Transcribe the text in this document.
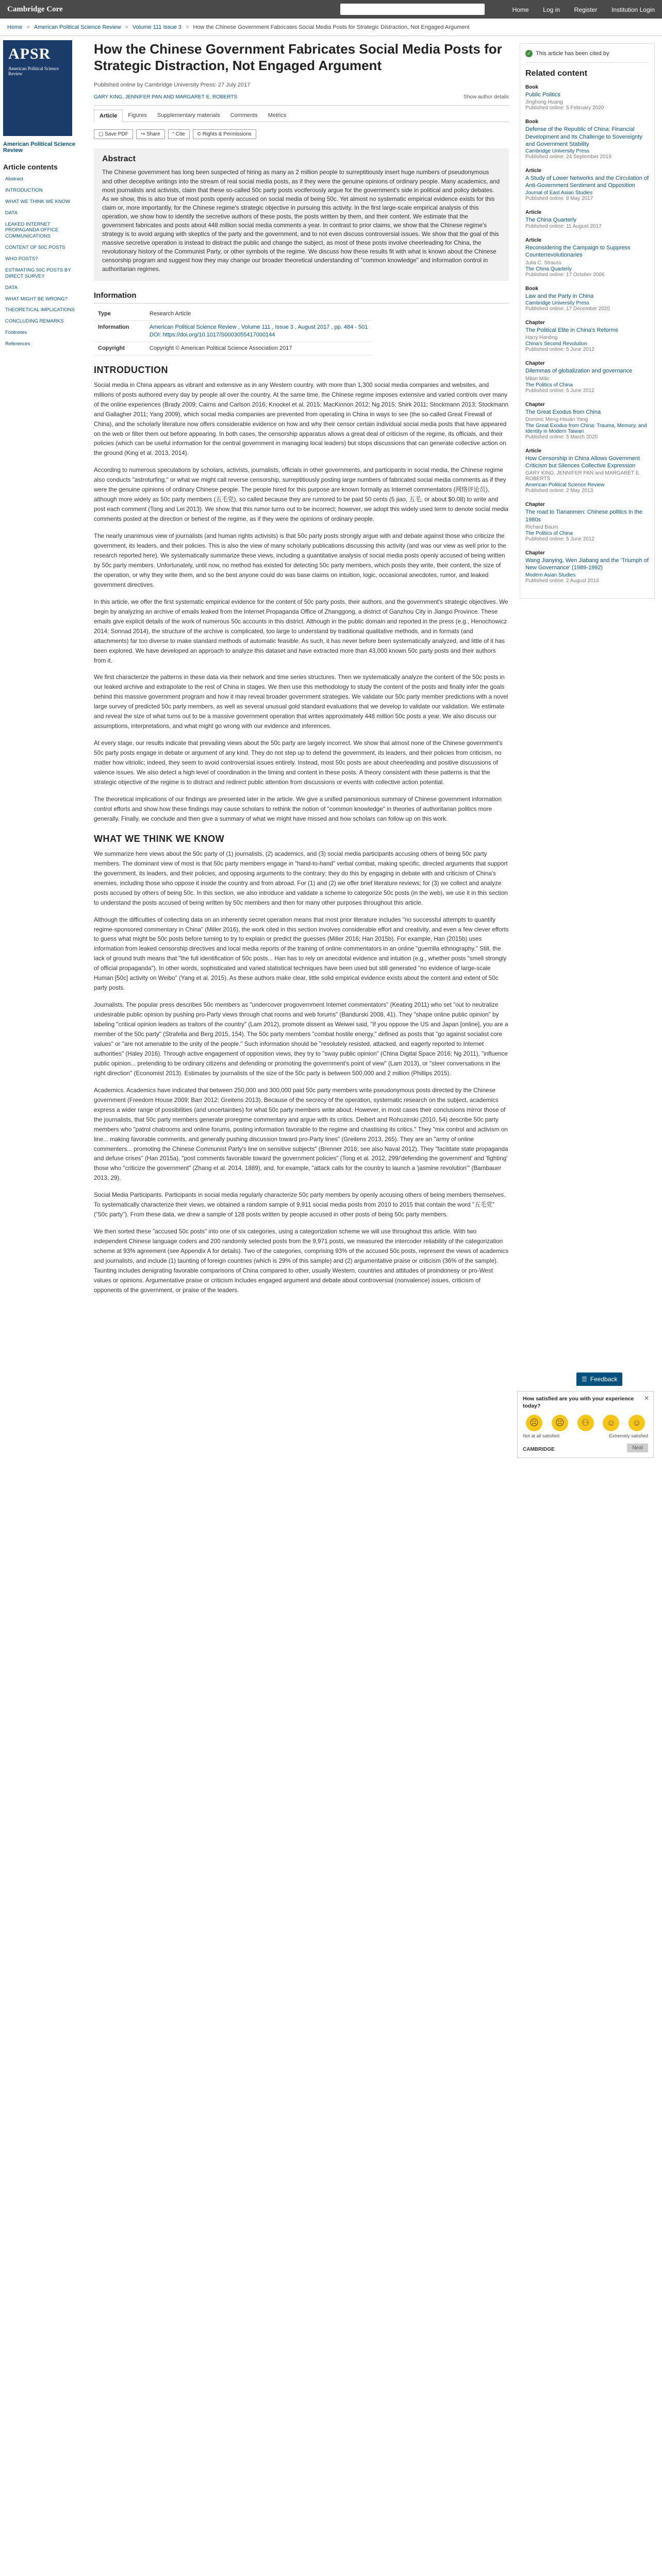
Cambridge Core	Home Log in Register Institution Login
Home > American Political Science Review > Volume 111 Issue 3 > How the Chinese Government Fabricates Social Media Posts for Strategic Distraction, Not Engaged Argument
APSR
American Political Science Review
American Political Science Review
Article contents
Abstract
INTRODUCTION
WHAT WE THINK WE KNOW
DATA
LEAKED INTERNET PROPAGANDA OFFICE COMMUNICATIONS
CONTENT OF 50C POSTS
WHO POSTS?
ESTIMATING 50C POSTS BY DIRECT SURVEY
DATA
WHAT MIGHT BE WRONG?
THEORETICAL IMPLICATIONS
CONCLUDING REMARKS
Footnotes
References
How the Chinese Government Fabricates Social Media Posts for Strategic Distraction, Not Engaged Argument
Published online by Cambridge University Press: 27 July 2017
GARY KING, JENNIFER PAN AND MARGARET E. ROBERTS	Show author details
Article	Figures	Supplementary materials	Comments	Metrics
▢ Save PDF	↪ Share	“ Cite	© Rights & Permissions
Abstract

The Chinese government has long been suspected of hiring as many as 2 million people to surreptitiously insert huge numbers of pseudonymous and other deceptive writings into the stream of real social media posts, as if they were the genuine opinions of ordinary people. Many academics, and most journalists and activists, claim that these so-called 50c party posts vociferously argue for the government's side in political and policy debates. As we show, this is also true of most posts openly accused on social media of being 50c. Yet almost no systematic empirical evidence exists for this claim or, more importantly, for the Chinese regime's strategic objective in pursuing this activity. In the first large-scale empirical analysis of this operation, we show how to identify the secretive authors of these posts, the posts written by them, and their content. We estimate that the government fabricates and posts about 448 million social media comments a year. In contrast to prior claims, we show that the Chinese regime's strategy is to avoid arguing with skeptics of the party and the government, and to not even discuss controversial issues. We show that the goal of this massive secretive operation is instead to distract the public and change the subject, as most of these posts involve cheerleading for China, the revolutionary history of the Communist Party, or other symbols of the regime. We discuss how these results fit with what is known about the Chinese censorship program and suggest how they may change our broader theoretical understanding of "common knowledge" and information control in authoritarian regimes.

Information
Type	Research Article
Information	American Political Science Review , Volume 111 , Issue 3 , August 2017 , pp. 484 - 501
DOI: https://doi.org/10.1017/S0003055417000144
Copyright	Copyright © American Political Science Association 2017
INTRODUCTION

Social media in China appears as vibrant and extensive as in any Western country, with more than 1,300 social media companies and websites, and millions of posts authored every day by people all over the country. At the same time, the Chinese regime imposes extensive and varied controls over many of the online experiences (Brady 2009; Cairns and Carlson 2016; Knockel et al. 2015; MacKinnon 2012; Ng 2015; Shirk 2011; Stockmann 2013; Stockmann and Gallagher 2011; Yang 2009), which social media companies are prevented from operating in China in ways to see (the so-called Great Firewall of China), and the scholarly literature now offers considerable evidence on how and why their censor certain individual social media posts that have appeared on the web or filter them out before appearing. In both cases, the censorship apparatus allows a great deal of criticism of the regime, its officials, and their policies (which can be useful information for the central government in managing local leaders) but stops discussions that can generate collective action on the ground (King et al. 2013, 2014).

According to numerous speculations by scholars, activists, journalists, officials in other governments, and participants in social media, the Chinese regime also conducts "astroturfing," or what we might call reverse censorship, surreptitiously posting large numbers of fabricated social media comments as if they were the genuine opinions of ordinary Chinese people. The people hired for this purpose are known formally as Internet commentators (网络评论员), although more widely as 50c party members (五毛党), so called because they are rumored to be paid 50 cents (5 jiao, 五毛, or about $0.08) to write and post each comment (Tong and Lei 2013). We show that this rumor turns out to be incorrect; however, we adopt this widely used term to denote social media comments posted at the direction or behest of the regime, as if they were the opinions of ordinary people.

The nearly unanimous view of journalists (and human rights activists) is that 50c party posts strongly argue with and debate against those who criticize the government, its leaders, and their policies. This is also the view of many scholarly publications discussing this activity (and was our view as well prior to the research reported here). We systematically summarize these views, including a quantitative analysis of social media posts openly accused of being written by 50c party members. Unfortunately, until now, no method has existed for detecting 50c party members, which posts they write, their content, the size of the operation, or why they write them, and so the best anyone could do was base claims on intuition, logic, occasional anecdotes, rumor, and leaked government directives.

In this article, we offer the first systematic empirical evidence for the content of 50c party posts, their authors, and the government's strategic objectives. We begin by analyzing an archive of emails leaked from the Internet Propaganda Office of Zhanggong, a district of Ganzhou City in Jiangxi Province. These emails give explicit details of the work of numerous 50c accounts in this district. Although in the public domain and reported in the press (e.g., Henochowicz 2014; Sonnad 2014), the structure of the archive is complicated, too large to understand by traditional qualitative methods, and in formats (and attachments) far too diverse to make standard methods of automatic feasible. As such, it has never before been systematically analyzed, and little of it has been explored. We have developed an approach to analyze this dataset and have extracted more than 43,000 known 50c party posts and their authors from it.

We first characterize the patterns in these data via their network and time series structures. Then we systematically analyze the content of the 50c posts in our leaked archive and extrapolate to the rest of China in stages. We then use this methodology to study the content of the posts and finally infer the goals behind this massive government program and how it may reveal broader government strategies. We validate our 50c party member predictions with a novel large survey of predicted 50c party members, as well as several unusual gold standard evaluations that we develop to validate our validation. We estimate and reveal the size of what turns out to be a massive government operation that writes approximately 448 million 50c posts a year. We also discuss our assumptions, interpretations, and what might go wrong with our evidence and inferences.

At every stage, our results indicate that prevailing views about the 50c party are largely incorrect. We show that almost none of the Chinese government's 50c party posts engage in debate or argument of any kind. They do not step up to defend the government, its leaders, and their policies from criticism, no matter how vitriolic; indeed, they seem to avoid controversial issues entirely. Instead, most 50c posts are about cheerleading and positive discussions of valence issues. We also detect a high level of coordination in the timing and content in these posts. A theory consistent with these patterns is that the strategic objective of the regime is to distract and redirect public attention from discussions or events with collective action potential.

The theoretical implications of our findings are presented later in the article. We give a unified parsimonious summary of Chinese government information control efforts and show how these findings may cause scholars to rethink the notion of "common knowledge" in theories of authoritarian politics more generally. Finally, we conclude and then give a summary of what we might have missed and how scholars can follow up on this work.

WHAT WE THINK WE KNOW

We summarize here views about the 50c party of (1) journalists, (2) academics, and (3) social media participants accusing others of being 50c party members. The dominant view of most is that 50c party members engage in "hand-to-hand" verbal combat, making specific, directed arguments that support the government, its leaders, and their policies, and opposing arguments to the contrary; they do this by engaging in debate with and criticism of China's enemies, including those who oppose it inside the country and from abroad. For (1) and (2) we offer brief literature reviews; for (3) we collect and analyze posts accused by others of being 50c. In this section, we also introduce and validate a scheme to categorize 50c posts (in the web), we use it in this section to understand the posts accused of being written by 50c members and then for many other purposes throughout this article.

Although the difficulties of collecting data on an inherently secret operation means that most prior literature includes "no successful attempts to quantify regime-sponsored commentary in China" (Miller 2016), the work cited in this section involves considerable effort and creativity, and even a few clever efforts to guess what might be 50c posts before turning to try to explain or predict the guesses (Miller 2016; Han 2015b). For example, Han (2015b) uses information from leaked censorship directives and local media reports of the training of online commentators in an online "guerrilla ethnography." Still, the lack of ground truth means that "the full identification of 50c posts... Han has to rely on anecdotal evidence and intuition (e.g., whether posts "smell strongly of official propaganda"). In other words, sophisticated and varied statistical techniques have been used but still generated "no evidence of large-scale Human [50c] activity on Weibo" (Yang et al. 2015). As these authors make clear, little solid empirical evidence exists about the content and extent of 50c party posts.

Journalists. The popular press describes 50c members as "undercover progovernment Internet commentators" (Keating 2011) who set "out to neutralize undesirable public opinion by pushing pro-Party views through chat rooms and web forums" (Bandurski 2008, 41). They "shape online public opinion" by labeling "critical opinion leaders as traitors of the country" (Lam 2012), promote dissent as Weiwei said, "If you oppose the US and Japan [online], you are a member of the 50c party" (Strafella and Berg 2015, 154). The 50c party members "combat hostile energy," defined as posts that "go against socialist core values" or "are not amenable to the unity of the people." Such information should be "resolutely resisted, attacked, and eagerly reported to Internet authorities" (Haley 2016). Through active engagement of opposition views, they try to "sway public opinion" (China Digital Space 2016; Ng 2011), "influence public opinion... pretending to be ordinary citizens and defending or promoting the government's point of view" (Lam 2013), or "steer conversations in the right direction" (Economist 2013). Estimates by journalists of the size of the 50c party is between 500,000 and 2 million (Phillips 2015).

Academics. Academics have indicated that between 250,000 and 300,000 paid 50c party members write pseudonymous posts directed by the Chinese government (Freedom House 2009; Barr 2012; Greitens 2013). Because of the secrecy of the operation, systematic research on the subject, academics express a wider range of possibilities (and uncertainties) for what 50c party members write about. However, in most cases their conclusions mirror those of the journalists, that 50c party members generate proregime commentary and argue with its critics. Deibert and Rohozinski (2010, 54) describe 50c party members who "patrol chatrooms and online forums, posting information favorable to the regime and chastising its critics." They "mix control and activism on line... making favorable comments, and generally pushing discussion toward pro-Party lines" (Greitens 2013, 265). They are an "army of online commenters... promoting the Chinese Communist Party's line on sensitive subjects" (Brenner 2016; see also Naval 2012). They "facilitate state propaganda and defuse crises" (Han 2015a), "post comments favorable toward the government policies" (Tong et al. 2012, 299/'defending the government' and 'fighting' those who "criticize the government" (Zhang et al. 2014, 1889), and, for example, "attack calls for the country to launch a 'jasmine revolution'" (Bambauer 2013, 29).

Social Media Participants. Participants in social media regularly characterize 50c party members by openly accusing others of being members themselves. To systematically characterize their views, we obtained a random sample of 9,911 social media posts from 2010 to 2015 that contain the word "五毛党" ("50c party"). From these data, we drew a sample of 128 posts written by people accused in other posts of being 50c party members.

We then sorted these "accused 50c posts" into one of six categories, using a categorization scheme we will use throughout this article. With two independent Chinese language coders and 200 randomly selected posts from the 9,971 posts, we measured the intercoder reliability of the categorization scheme at 93% agreement (see Appendix A for details). Two of the categories, comprising 93% of the accused 50c posts, represent the views of academics and journalists, and include (1) taunting of foreign countries (which is 29% of this sample) and (2) argumentative praise or criticism (36% of the sample). Taunting includes denigrating favorable comparisons of China compared to other, usually Western, countries and attitudes of proindonesy or pro-West values or opinions. Argumentative praise or criticism includes engaged argument and debate about controversial (nonvalence) issues, criticism of opponents of the government, or praise of the leaders.

✓ This article has been cited by
Related content
Book
Public Politics
Jinghong Huang
Published online: 5 February 2020
Book
Defense of the Republic of China: Financial Development and Its Challenge to Sovereignty and Government Stability
Cambridge University Press
Published online: 24 September 2019
Article
A Study of Lower Networks and the Circulation of Anti-Government Sentiment and Opposition
Journal of East Asian Studies
Published online: 8 May 2017
Article
The China Quarterly
Published online: 11 August 2017
Article
Reconsidering the Campaign to Suppress Counterrevolutionaries
Julia C. Strauss
The China Quarterly
Published online: 17 October 2006
Book
Law and the Party in China
Cambridge University Press
Published online: 17 December 2020
Chapter
The Political Elite in China's Reforms
Harry Harding
China's Second Revolution
Published online: 5 June 2012
Chapter
Dilemmas of globalization and governance
Milan Milic
The Politics of China
Published online: 5 June 2012
Chapter
The Great Exodus from China
Dominic Meng-Hsuan Yang
The Great Exodus from China: Trauma, Memory, and Identity in Modern Taiwan
Published online: 5 March 2020
Article
How Censorship in China Allows Government Criticism but Silences Collective Expression
GARY KING, JENNIFER PAN and MARGARET E. ROBERTS
American Political Science Review
Published online: 2 May 2013
Chapter
The road to Tiananmen: Chinese politics in the 1980s
Richard Baum
The Politics of China
Published online: 5 June 2012
Chapter
Wang Jianying, Wen Jiabang and the 'Triumph of New Governance' (1989-1992)
Modern Asian Studies
Published online: 2 August 2016
☰ Feedback
✕
How satisfied are you with your experience today?
☹	☹	⚇	☺	☺
Not at all satisfied	Extremely satisfied
CAMBRIDGE	Next
